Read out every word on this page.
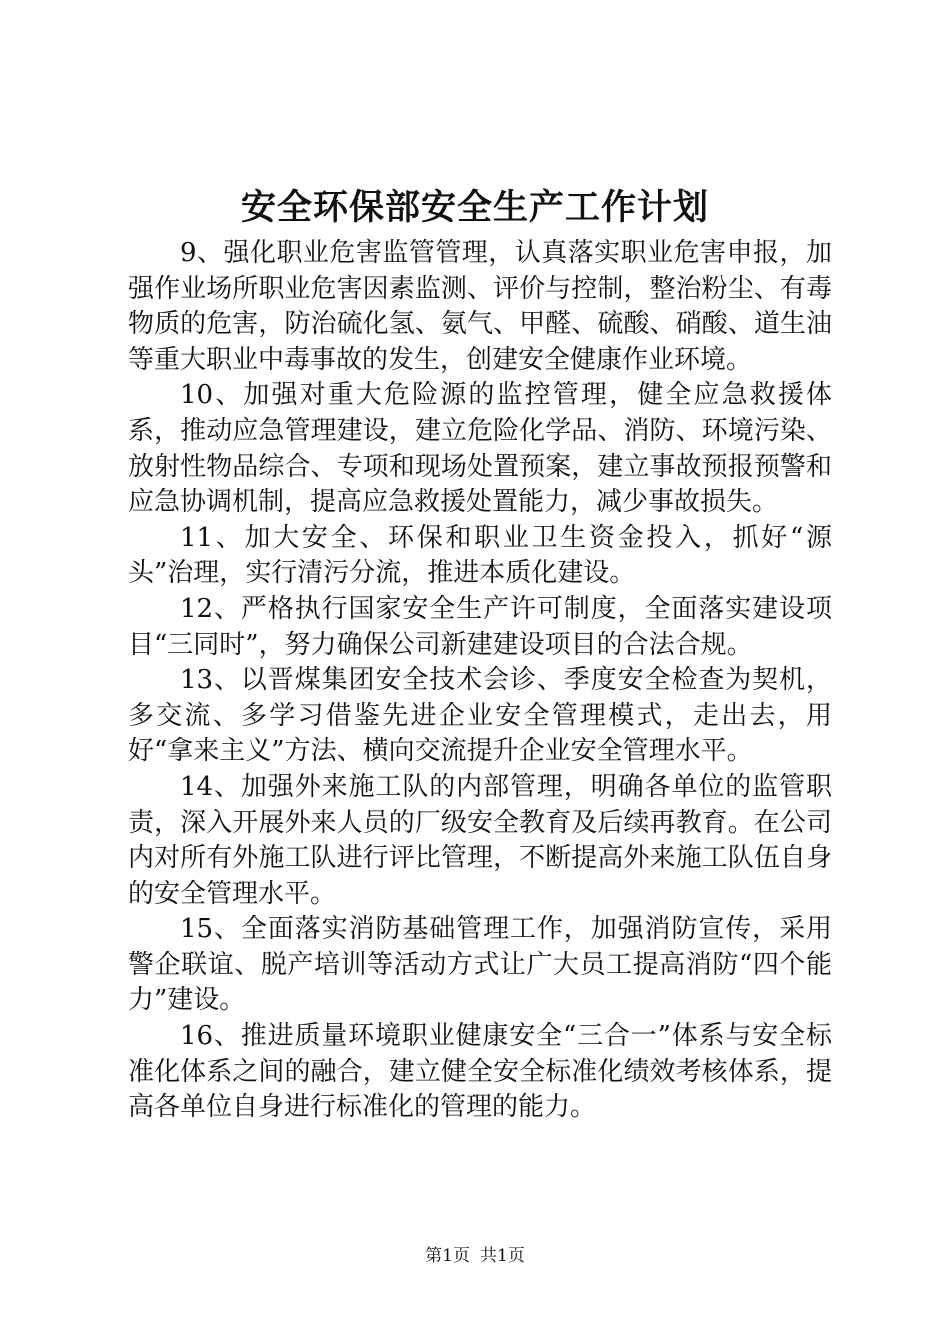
安全环保部安全生产工作计划

9、强化职业危害监管管理，认真落实职业危害申报，加强作业场所职业危害因素监测、评价与控制，整治粉尘、有毒物质的危害，防治硫化氢、氨气、甲醛、硫酸、硝酸、道生油等重大职业中毒事故的发生，创建安全健康作业环境。

10、加强对重大危险源的监控管理，健全应急救援体系，推动应急管理建设，建立危险化学品、消防、环境污染、放射性物品综合、专项和现场处置预案，建立事故预报预警和应急协调机制，提高应急救援处置能力，减少事故损失。

11、加大安全、环保和职业卫生资金投入，抓好“源头”治理，实行清污分流，推进本质化建设。

12、严格执行国家安全生产许可制度，全面落实建设项目“三同时”，努力确保公司新建建设项目的合法合规。

13、以晋煤集团安全技术会诊、季度安全检查为契机，多交流、多学习借鉴先进企业安全管理模式，走出去，用好“拿来主义”方法、横向交流提升企业安全管理水平。

14、加强外来施工队的内部管理，明确各单位的监管职责，深入开展外来人员的厂级安全教育及后续再教育。在公司内对所有外施工队进行评比管理，不断提高外来施工队伍自身的安全管理水平。

15、全面落实消防基础管理工作，加强消防宣传，采用警企联谊、脱产培训等活动方式让广大员工提高消防“四个能力”建设。

16、推进质量环境职业健康安全“三合一”体系与安全标准化体系之间的融合，建立健全安全标准化绩效考核体系，提高各单位自身进行标准化的管理的能力。

第1页 共1页
